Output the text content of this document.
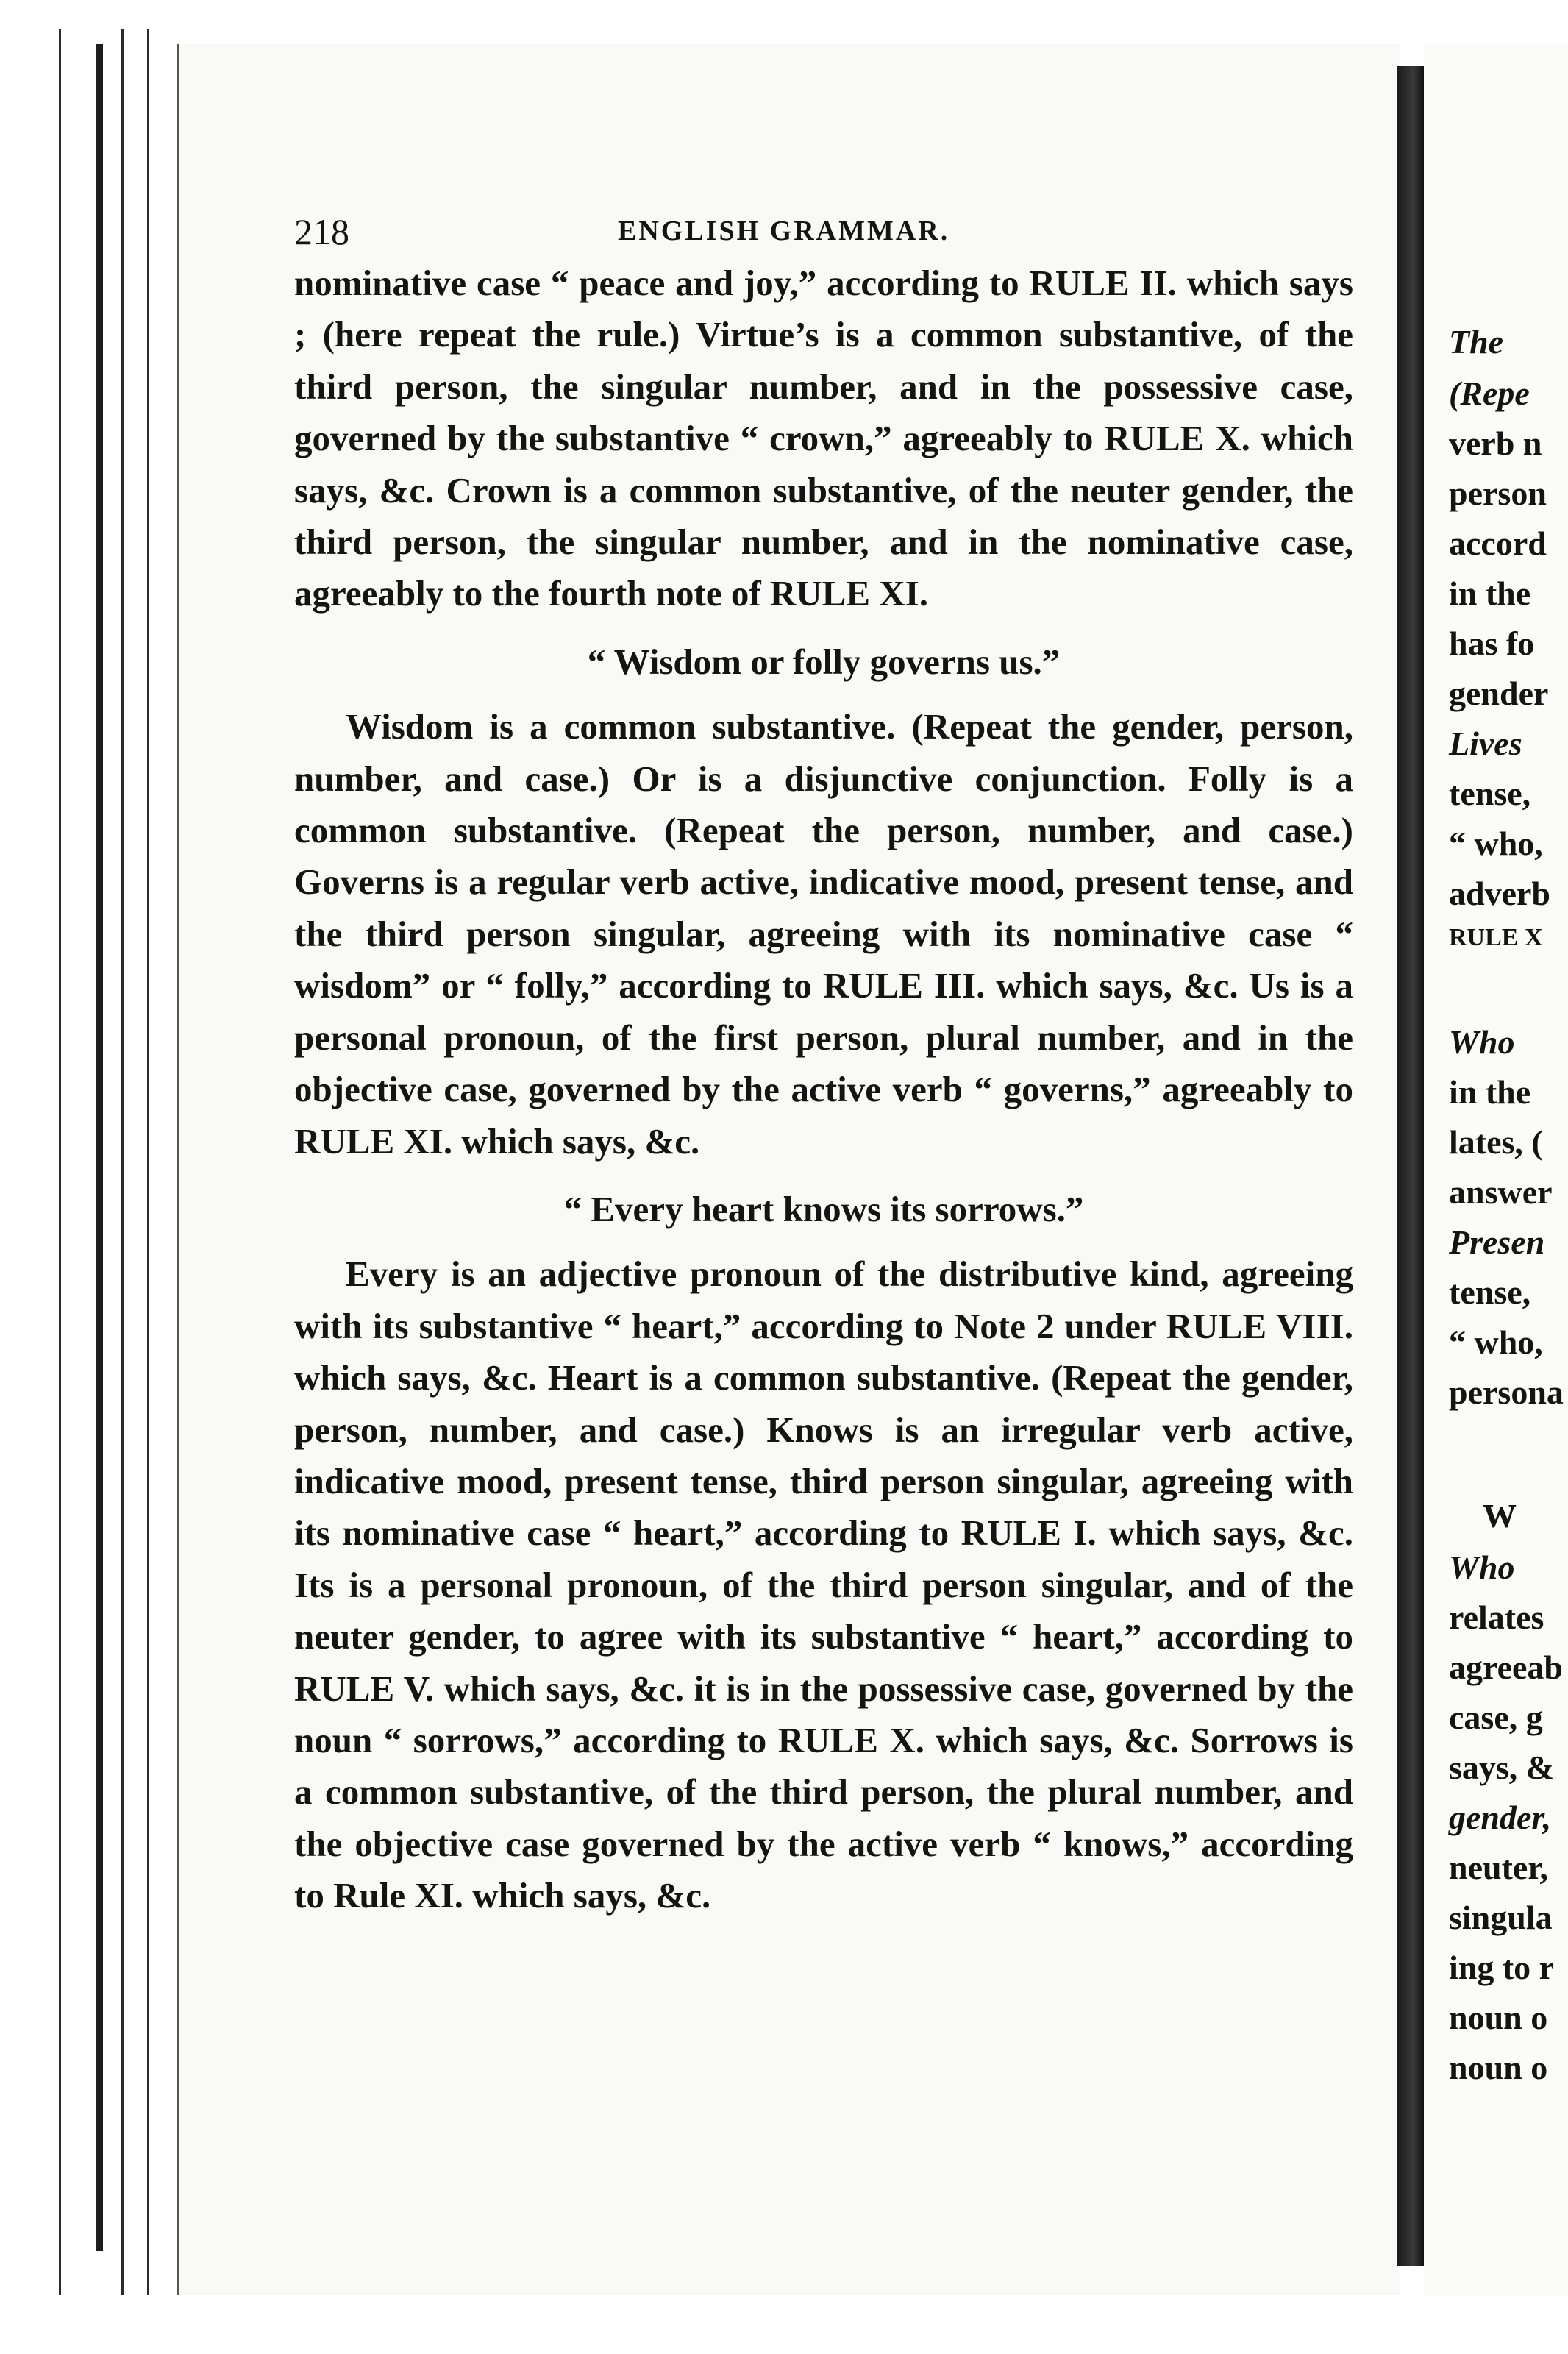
218	ENGLISH GRAMMAR.

nominative case “ peace and joy,” according to RULE II. which says ; (here repeat the rule.) Virtue’s is a common substantive, of the third person, the singular number, and in the possessive case, governed by the substantive “ crown,” agreeably to RULE X. which says, &c. Crown is a common substantive, of the neuter gender, the third person, the singular number, and in the nominative case, agreeably to the fourth note of RULE XI.

“ Wisdom or folly governs us.”

Wisdom is a common substantive. (Repeat the gender, person, number, and case.) Or is a disjunctive conjunction. Folly is a common substantive. (Repeat the person, number, and case.) Governs is a regular verb active, indicative mood, present tense, and the third person singular, agreeing with its nominative case “ wisdom” or “ folly,” according to RULE III. which says, &c. Us is a personal pronoun, of the first person, plural number, and in the objective case, governed by the active verb “ governs,” agreeably to RULE XI. which says, &c.

“ Every heart knows its sorrows.”

Every is an adjective pronoun of the distributive kind, agreeing with its substantive “ heart,” according to Note 2 under RULE VIII. which says, &c. Heart is a common substantive. (Repeat the gender, person, number, and case.) Knows is an irregular verb active, indicative mood, present tense, third person singular, agreeing with its nominative case “ heart,” according to RULE I. which says, &c. Its is a personal pronoun, of the third person singular, and of the neuter gender, to agree with its substantive “ heart,” according to RULE V. which says, &c. it is in the possessive case, governed by the noun “ sorrows,” according to RULE X. which says, &c. Sorrows is a common substantive, of the third person, the plural number, and the objective case governed by the active verb “ knows,” according to Rule XI. which says, &c.

The
(Repe
verb n
person
accord
in the
has fo
gender
Lives
tense,
“ who,
adverb
RULE X
Who
in the
lates, (
answer
Presen
tense,
“ who,
persona
W
Who
relates
agreeab
case, g
says, &
gender,
neuter,
singula
ing to r
noun o
noun o
